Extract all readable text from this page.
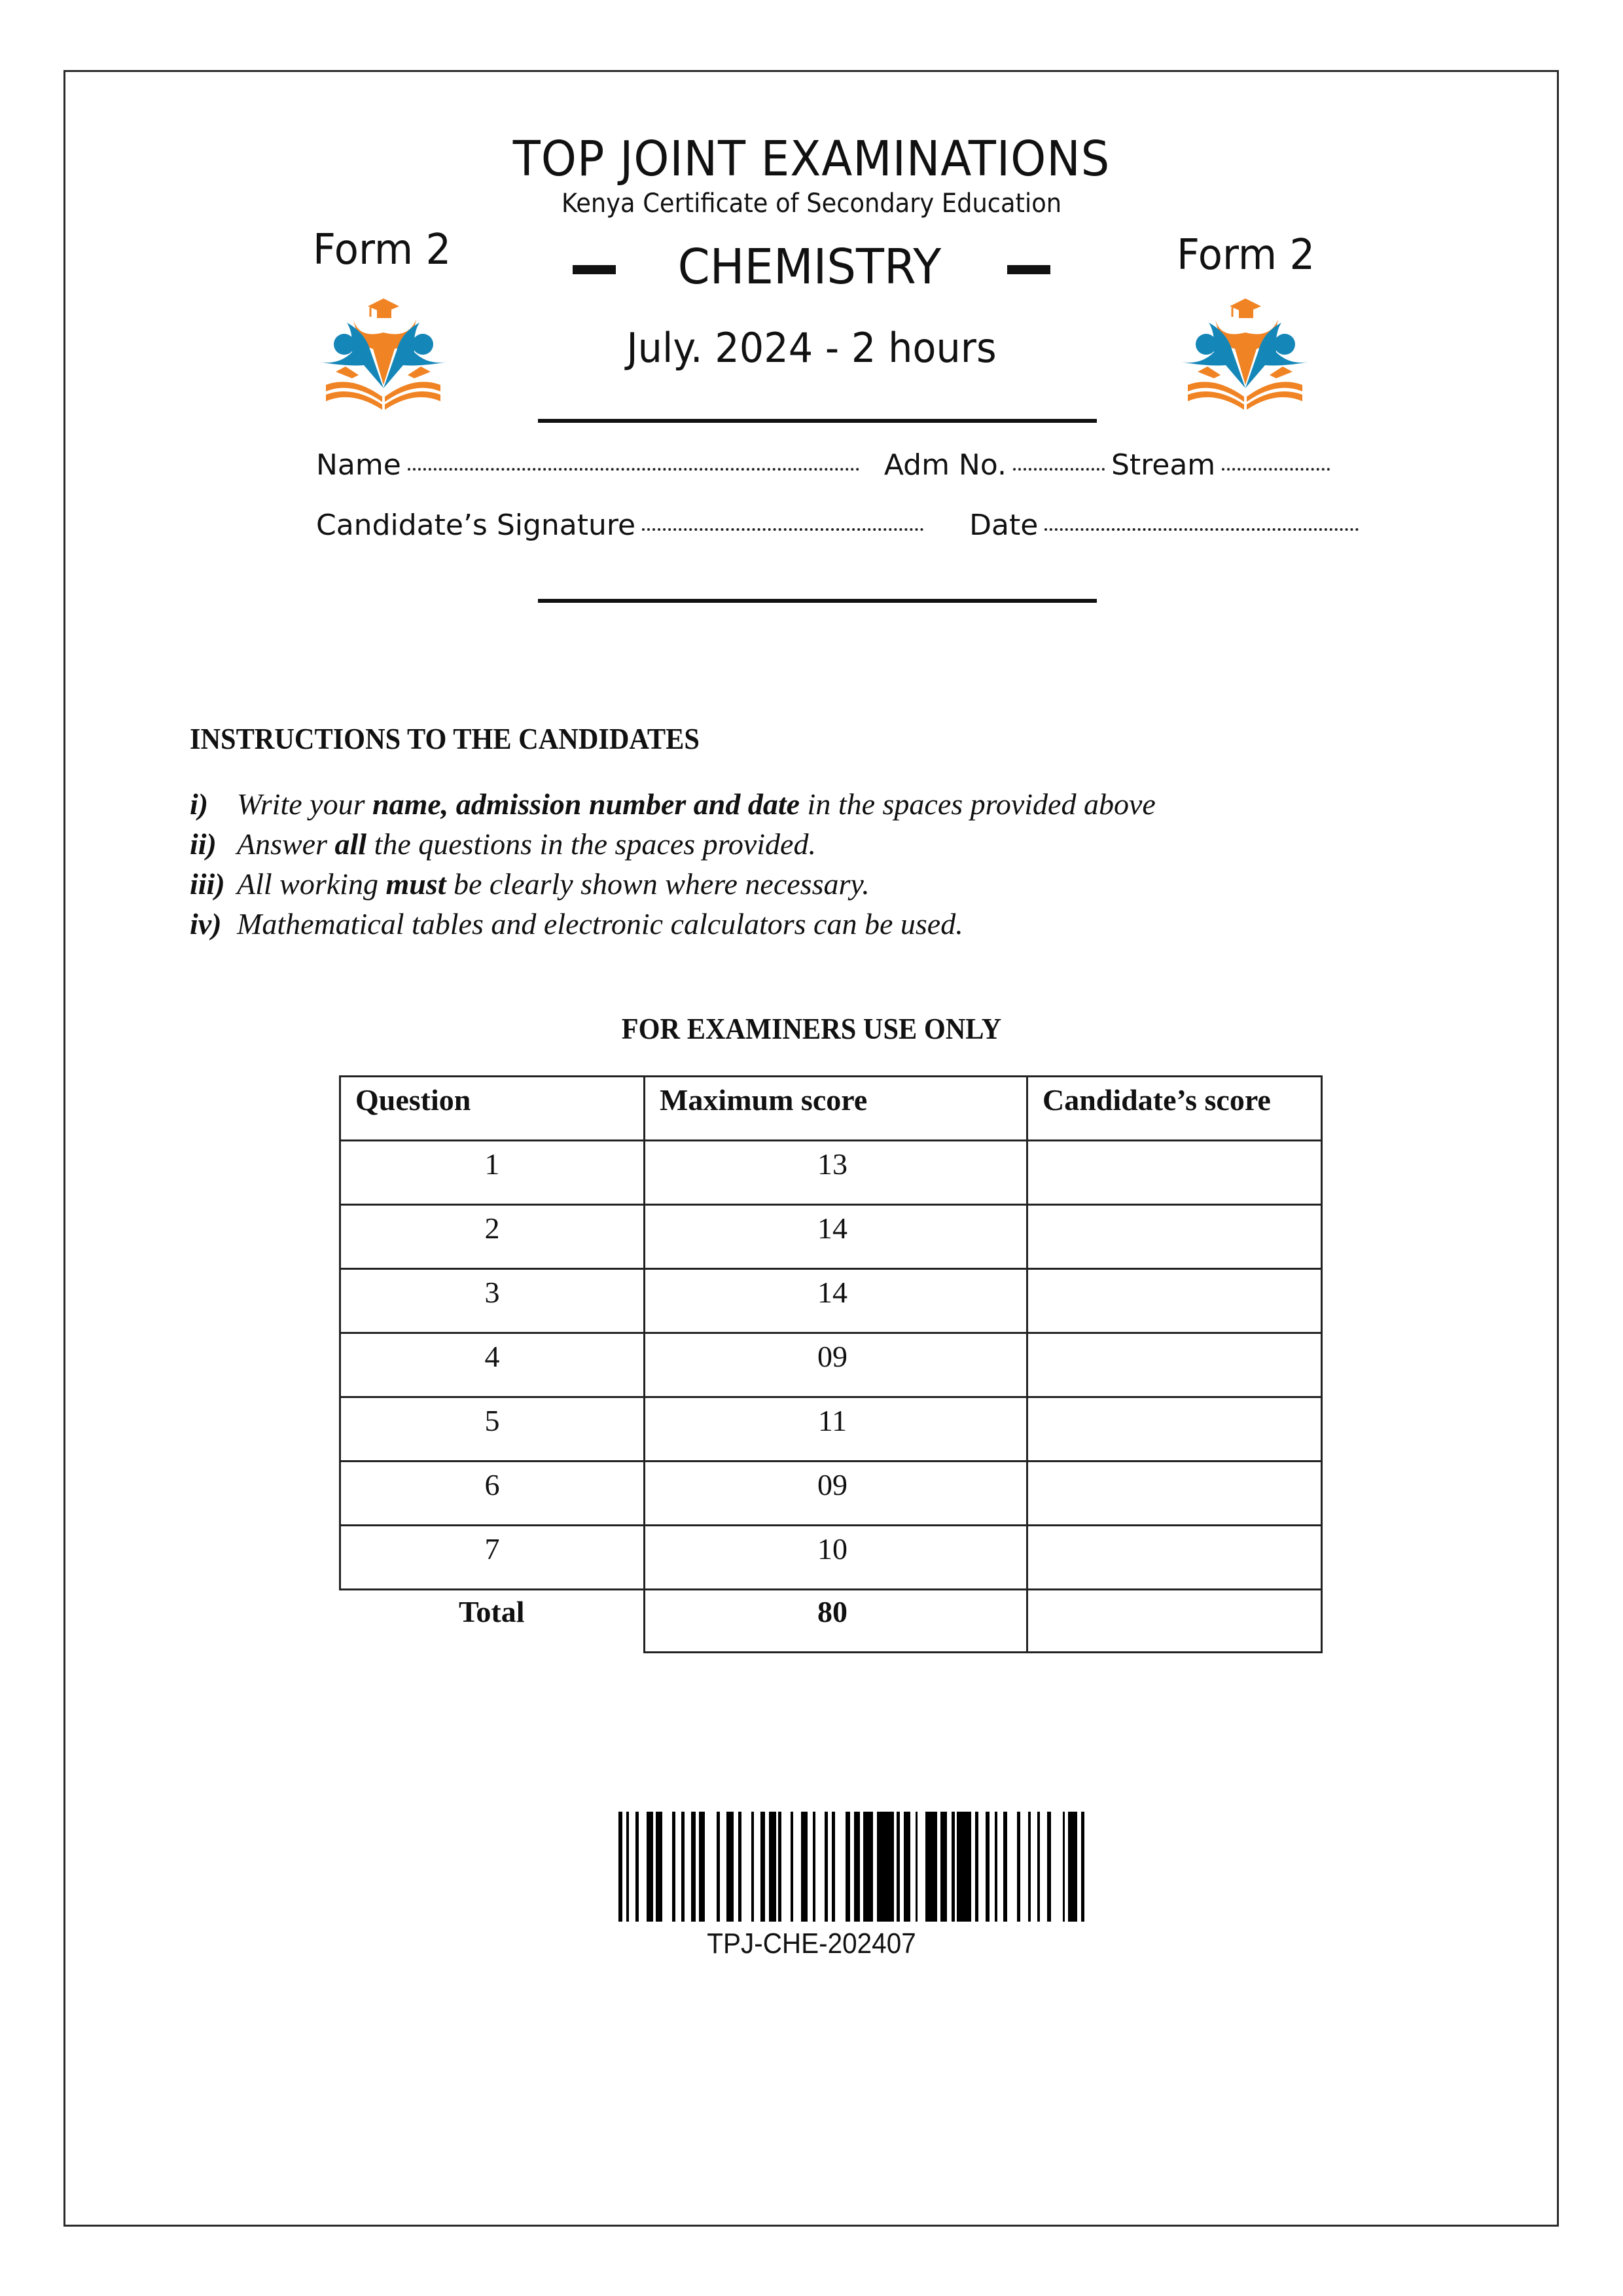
TOP JOINT EXAMINATIONS
Kenya Certificate of Secondary Education
Form 2	Form 2
CHEMISTRY
July. 2024 - 2 hours
Name	Adm No.	Stream
Candidate’s Signature	Date
INSTRUCTIONS TO THE CANDIDATES
i) Write your name, admission number and date in the spaces provided above
ii) Answer all the questions in the spaces provided.
iii) All working must be clearly shown where necessary.
iv) Mathematical tables and electronic calculators can be used.
FOR EXAMINERS USE ONLY
Question	Maximum score	Candidate’s score
1	13	
2	14	
3	14	
4	09	
5	11	
6	09	
7	10	
Total	80	
TPJ-CHE-202407
